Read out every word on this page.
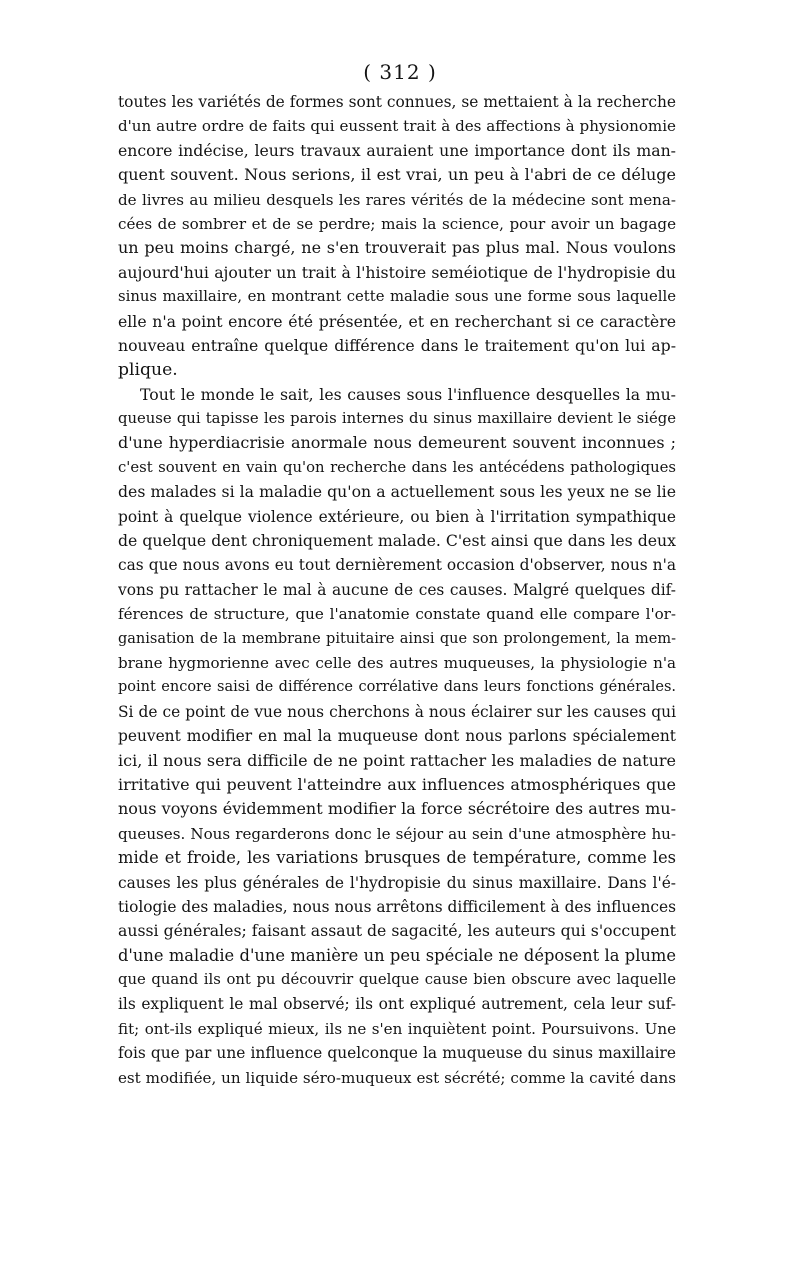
( 312 )
toutes les variétés de formes sont connues, se mettaient à la recherche
d'un autre ordre de faits qui eussent trait à des affections à physionomie
encore indécise, leurs travaux auraient une importance dont ils man-
quent souvent. Nous serions, il est vrai, un peu à l'abri de ce déluge
de livres au milieu desquels les rares vérités de la médecine sont mena-
cées de sombrer et de se perdre; mais la science, pour avoir un bagage
un peu moins chargé, ne s'en trouverait pas plus mal. Nous voulons
aujourd'hui ajouter un trait à l'histoire seméiotique de l'hydropisie du
sinus maxillaire, en montrant cette maladie sous une forme sous laquelle
elle n'a point encore été présentée, et en recherchant si ce caractère
nouveau entraîne quelque différence dans le traitement qu'on lui ap-
plique.
Tout le monde le sait, les causes sous l'influence desquelles la mu-
queuse qui tapisse les parois internes du sinus maxillaire devient le siége
d'une hyperdiacrisie anormale nous demeurent souvent inconnues ;
c'est souvent en vain qu'on recherche dans les antécédens pathologiques
des malades si la maladie qu'on a actuellement sous les yeux ne se lie
point à quelque violence extérieure, ou bien à l'irritation sympathique
de quelque dent chroniquement malade. C'est ainsi que dans les deux
cas que nous avons eu tout dernièrement occasion d'observer, nous n'a
vons pu rattacher le mal à aucune de ces causes. Malgré quelques dif-
férences de structure, que l'anatomie constate quand elle compare l'or-
ganisation de la membrane pituitaire ainsi que son prolongement, la mem-
brane hygmorienne avec celle des autres muqueuses, la physiologie n'a
point encore saisi de différence corrélative dans leurs fonctions générales.
Si de ce point de vue nous cherchons à nous éclairer sur les causes qui
peuvent modifier en mal la muqueuse dont nous parlons spécialement
ici, il nous sera difficile de ne point rattacher les maladies de nature
irritative qui peuvent l'atteindre aux influences atmosphériques que
nous voyons évidemment modifier la force sécrétoire des autres mu-
queuses. Nous regarderons donc le séjour au sein d'une atmosphère hu-
mide et froide, les variations brusques de température, comme les
causes les plus générales de l'hydropisie du sinus maxillaire. Dans l'é-
tiologie des maladies, nous nous arrêtons difficilement à des influences
aussi générales; faisant assaut de sagacité, les auteurs qui s'occupent
d'une maladie d'une manière un peu spéciale ne déposent la plume
que quand ils ont pu découvrir quelque cause bien obscure avec laquelle
ils expliquent le mal observé; ils ont expliqué autrement, cela leur suf-
fit; ont-ils expliqué mieux, ils ne s'en inquiètent point. Poursuivons. Une
fois que par une influence quelconque la muqueuse du sinus maxillaire
est modifiée, un liquide séro-muqueux est sécrété; comme la cavité dans
